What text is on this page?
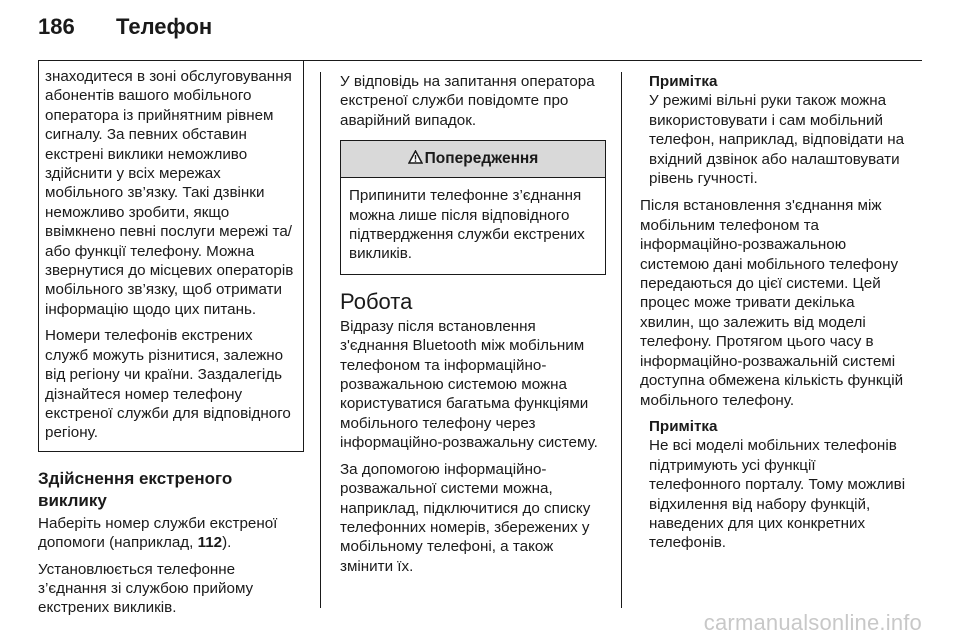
186	Телефон

знаходитеся в зоні обслуговування абонентів вашого мобільного оператора із прийнятним рівнем сигналу. За певних обставин екстрені виклики неможливо здійснити у всіх мережах мобільного зв’язку. Такі дзвінки неможливо зробити, якщо ввімкнено певні послуги мережі та/або функції телефону. Можна звернутися до місцевих операторів мобільного зв’язку, щоб отримати інформацію щодо цих питань.

Номери телефонів екстрених служб можуть різнитися, залежно від регіону чи країни. Заздалегідь дізнайтеся номер телефону екстреної служби для відповідного регіону.

Здійснення екстреного виклику

Наберіть номер служби екстреної допомоги (наприклад, 112).

Установлюється телефонне з’єднання зі службою прийому екстрених викликів.

У відповідь на запитання оператора екстреної служби повідомте про аварійний випадок.

Попередження
Припинити телефонне з’єднання можна лише після відповідного підтвердження служби екстрених викликів.
Робота

Відразу після встановлення з'єднання Bluetooth між мобільним телефоном та інформаційно-розважальною системою можна користуватися багатьма функціями мобільного телефону через інформаційно-розважальну систему.

За допомогою інформаційно-розважальної системи можна, наприклад, підключитися до списку телефонних номерів, збережених у мобільному телефоні, а також змінити їх.

Примітка
У режимі вільні руки також можна використовувати і сам мобільний телефон, наприклад, відповідати на вхідний дзвінок або налаштовувати рівень гучності.

Після встановлення з'єднання між мобільним телефоном та інформаційно-розважальною системою дані мобільного телефону передаються до цієї системи. Цей процес може тривати декілька хвилин, що залежить від моделі телефону. Протягом цього часу в інформаційно-розважальній системі доступна обмежена кількість функцій мобільного телефону.

Примітка
Не всі моделі мобільних телефонів підтримують усі функції телефонного порталу. Тому можливі відхилення від набору функцій, наведених для цих конкретних телефонів.
carmanualsonline.info
